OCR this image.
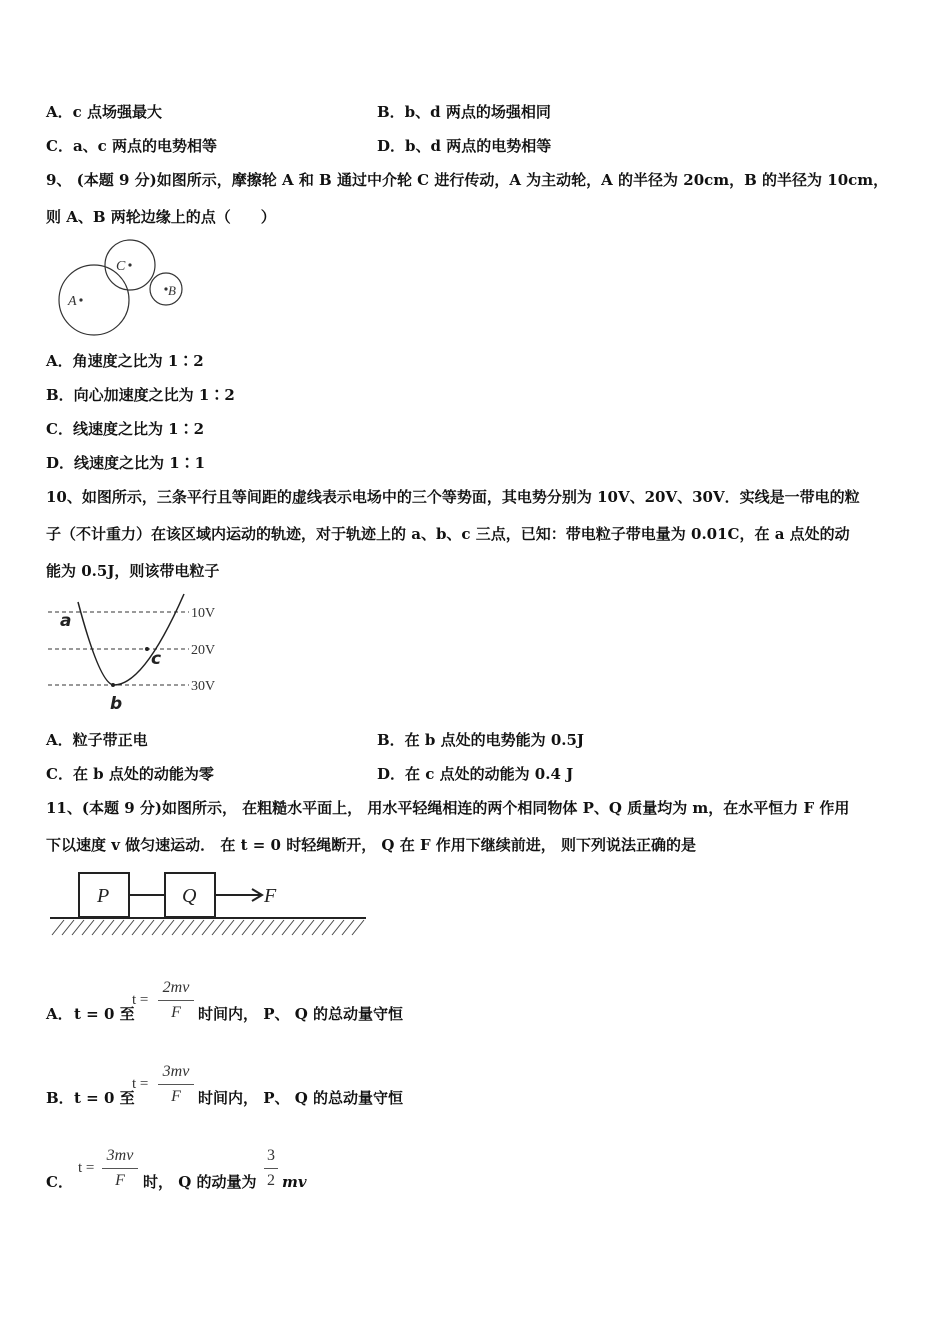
A．c 点场强最大	B．b、d 两点的场强相同
C．a、c 两点的电势相等	D．b、d 两点的电势相等
9、 (本题 9 分)如图所示，摩擦轮 A 和 B 通过中介轮 C 进行传动，A 为主动轮，A 的半径为 20cm，B 的半径为 10cm，
则 A、B 两轮边缘上的点（　　）
A
C
B
A．角速度之比为 1∶2
B．向心加速度之比为 1∶2
C．线速度之比为 1∶2
D．线速度之比为 1∶1
10、如图所示，三条平行且等间距的虚线表示电场中的三个等势面，其电势分别为 10V、20V、30V．实线是一带电的粒
子（不计重力）在该区域内运动的轨迹，对于轨迹上的 a、b、c 三点，已知：带电粒子带电量为 0.01C，在 a 点处的动
能为 0.5J，则该带电粒子
10V
20V
30V
a
b
c
A．粒子带正电	B．在 b 点处的电势能为 0.5J
C．在 b 点处的动能为零	D．在 c 点处的动能为 0.4 J
11、(本题 9 分)如图所示， 在粗糙水平面上， 用水平轻绳相连的两个相同物体 P、Q 质量均为 m，在水平恒力 F 作用
下以速度 v 做匀速运动． 在 t = 0 时轻绳断开， Q 在 F 作用下继续前进， 则下列说法正确的是
P	Q	F
A． t = 0 至
t =
2mv
F	时间内， P、 Q 的总动量守恒
B． t = 0 至
t =
3mv
F	时间内， P、 Q 的总动量守恒
C．
t =
3mv
F	时， Q 的动量为
3
2 mv
